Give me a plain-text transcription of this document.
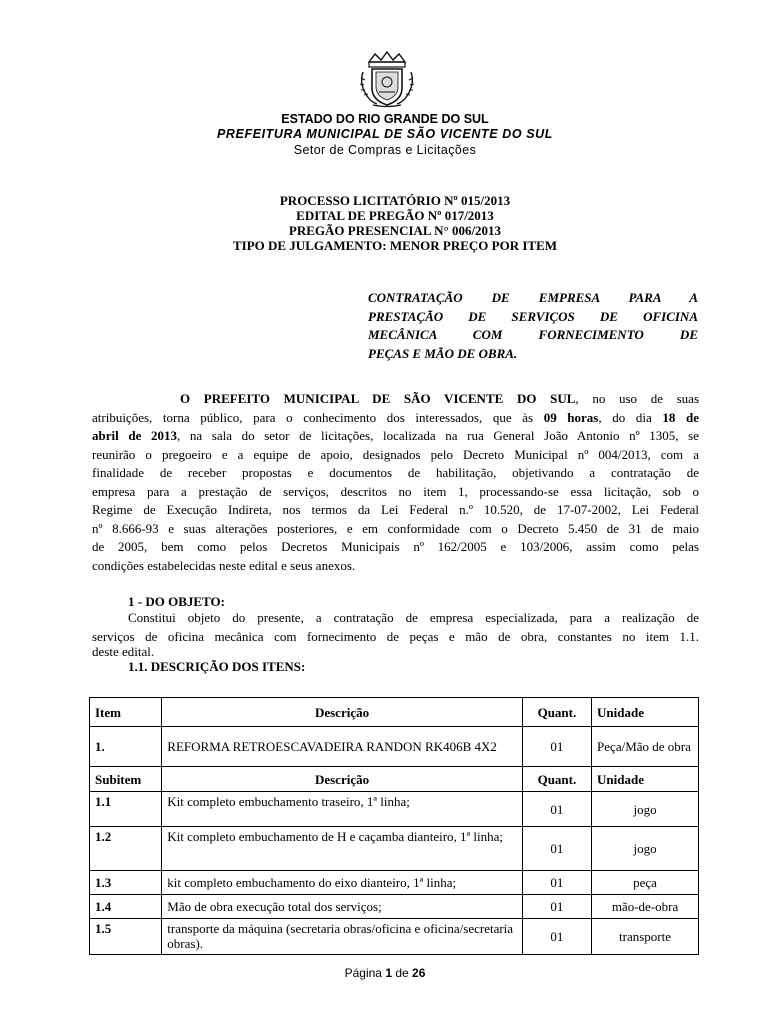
ESTADO DO RIO GRANDE DO SUL
PREFEITURA MUNICIPAL DE SÃO VICENTE DO SUL
Setor de Compras e Licitações
PROCESSO LICITATÓRIO Nº 015/2013
EDITAL DE PREGÃO Nº 017/2013
PREGÃO PRESENCIAL N° 006/2013
TIPO DE JULGAMENTO: MENOR PREÇO POR ITEM
CONTRATAÇÃO DE EMPRESA PARA A
PRESTAÇÃO DE SERVIÇOS DE OFICINA
MECÂNICA COM FORNECIMENTO DE
PEÇAS E MÃO DE OBRA.
O PREFEITO MUNICIPAL DE SÃO VICENTE DO SUL, no uso de suas
atribuições, torna público, para o conhecimento dos interessados, que às 09 horas, do dia 18 de
abril de 2013, na sala do setor de licitações, localizada na rua General João Antonio nº 1305, se
reunirão o pregoeiro e a equipe de apoio, designados pelo Decreto Municipal nº 004/2013, com a
finalidade de receber propostas e documentos de habilitação, objetivando a contratação de
empresa para a prestação de serviços, descritos no item 1, processando-se essa licitação, sob o
Regime de Execução Indireta, nos termos da Lei Federal n.º 10.520, de 17-07-2002, Lei Federal
nº 8.666-93 e suas alterações posteriores, e em conformidade com o Decreto 5.450 de 31 de maio
de 2005, bem como pelos Decretos Municipais nº 162/2005 e 103/2006, assim como pelas
condições estabelecidas neste edital e seus anexos.
1 - DO OBJETO:
Constitui objeto do presente, a contratação de empresa especializada, para a realização de
serviços de oficina mecânica com fornecimento de peças e mão de obra, constantes no item 1.1.
deste edital.
1.1. DESCRIÇÃO DOS ITENS:
Item	Descrição	Quant.	Unidade
1.	REFORMA RETROESCAVADEIRA RANDON RK406B 4X2	01	Peça/Mão de obra
Subitem	Descrição	Quant.	Unidade
1.1	Kit completo embuchamento traseiro, 1ª linha;	01	jogo
1.2	Kit completo embuchamento de H e caçamba dianteiro, 1ª linha;	01	jogo
1.3	kit completo embuchamento do eixo dianteiro, 1ª linha;	01	peça
1.4	Mão de obra execução total dos serviços;	01	mão-de-obra
1.5	transporte da máquina (secretaria obras/oficina e oficina/secretaria obras).	01	transporte
Página 1 de 26
